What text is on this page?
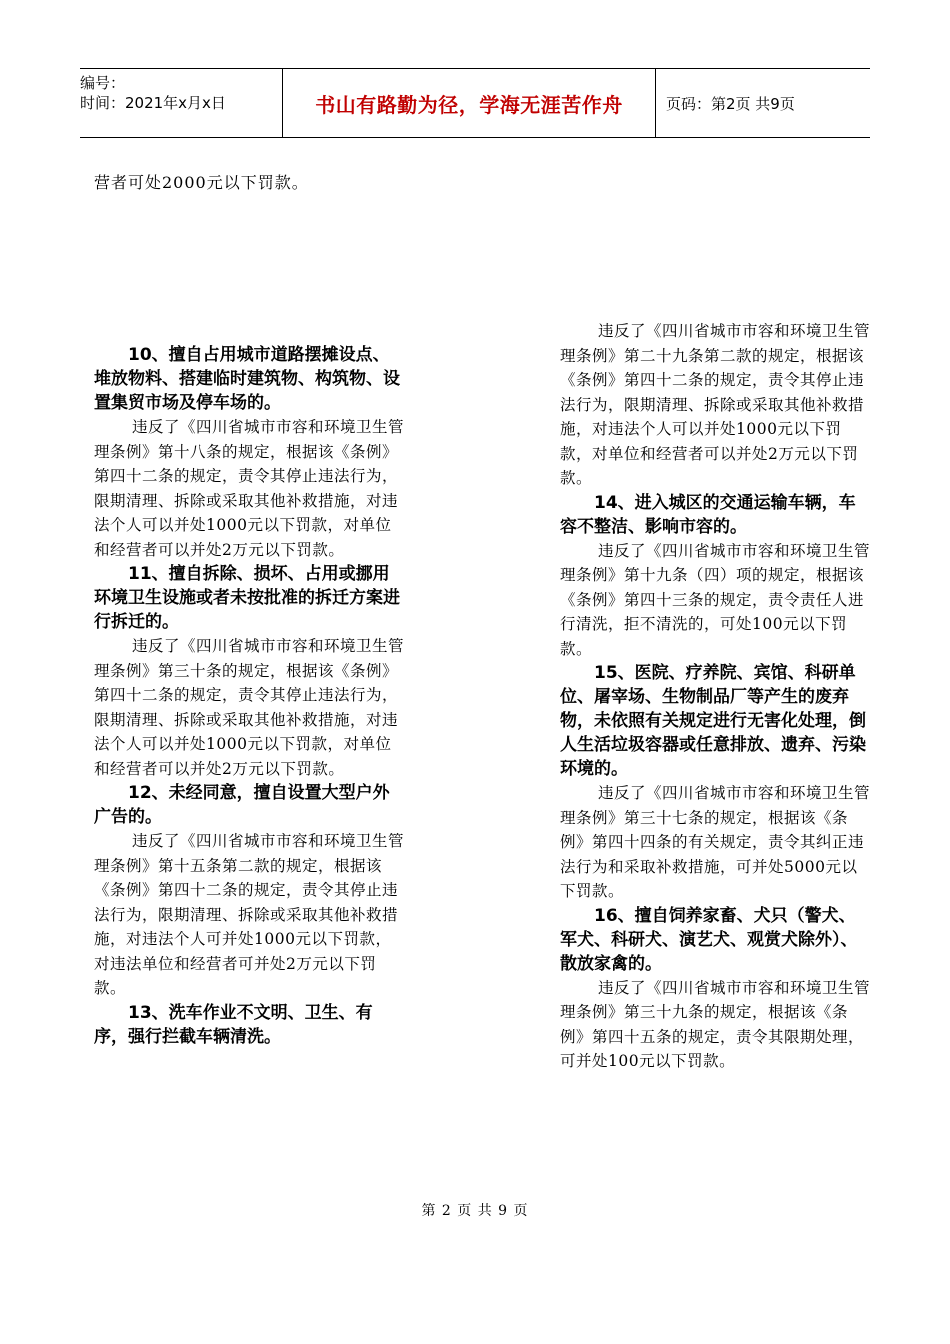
编号：
时间：2021年x月x日	书山有路勤为径，学海无涯苦作舟	页码：第2页 共9页
营者可处2000元以下罚款。

10、擅自占用城市道路摆摊设点、堆放物料、搭建临时建筑物、构筑物、设置集贸市场及停车场的。

违反了《四川省城市市容和环境卫生管理条例》第十八条的规定，根据该《条例》第四十二条的规定，责令其停止违法行为，限期清理、拆除或采取其他补救措施，对违法个人可以并处1000元以下罚款，对单位和经营者可以并处2万元以下罚款。

11、擅自拆除、损坏、占用或挪用环境卫生设施或者未按批准的拆迁方案进行拆迁的。

违反了《四川省城市市容和环境卫生管理条例》第三十条的规定，根据该《条例》第四十二条的规定，责令其停止违法行为，限期清理、拆除或采取其他补救措施，对违法个人可以并处1000元以下罚款，对单位和经营者可以并处2万元以下罚款。

12、未经同意，擅自设置大型户外广告的。

违反了《四川省城市市容和环境卫生管理条例》第十五条第二款的规定，根据该《条例》第四十二条的规定，责令其停止违法行为，限期清理、拆除或采取其他补救措施，对违法个人可并处1000元以下罚款，对违法单位和经营者可并处2万元以下罚款。

13、洗车作业不文明、卫生、有序，强行拦截车辆清洗。

违反了《四川省城市市容和环境卫生管理条例》第二十九条第二款的规定，根据该《条例》第四十二条的规定，责令其停止违法行为，限期清理、拆除或采取其他补救措施，对违法个人可以并处1000元以下罚款，对单位和经营者可以并处2万元以下罚款。

14、进入城区的交通运输车辆，车容不整洁、影响市容的。

违反了《四川省城市市容和环境卫生管理条例》第十九条（四）项的规定，根据该《条例》第四十三条的规定，责令责任人进行清洗，拒不清洗的，可处100元以下罚款。

15、医院、疗养院、宾馆、科研单位、屠宰场、生物制品厂等产生的废弃物，未依照有关规定进行无害化处理，倒人生活垃圾容器或任意排放、遗弃、污染环境的。

违反了《四川省城市市容和环境卫生管理条例》第三十七条的规定，根据该《条例》第四十四条的有关规定，责令其纠正违法行为和采取补救措施，可并处5000元以下罚款。

16、擅自饲养家畜、犬只（警犬、军犬、科研犬、演艺犬、观赏犬除外）、散放家禽的。

违反了《四川省城市市容和环境卫生管理条例》第三十九条的规定，根据该《条例》第四十五条的规定，责令其限期处理，可并处100元以下罚款。

第 2 页 共 9 页
